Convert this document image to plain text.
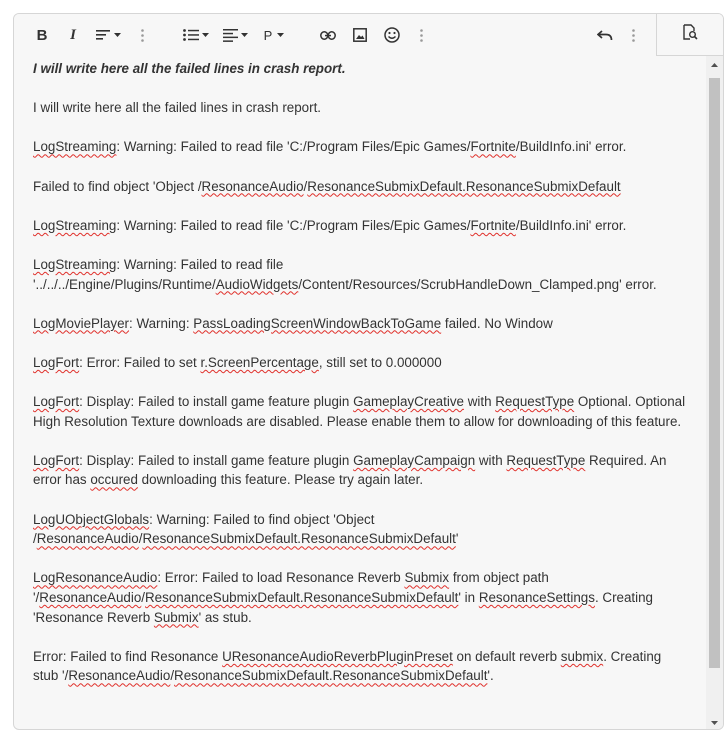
B I	P

I will write here all the failed lines in crash report.

I will write here all the failed lines in crash report.

LogStreaming: Warning: Failed to read file 'C:/Program Files/Epic Games/Fortnite/BuildInfo.ini' error.

Failed to find object 'Object /ResonanceAudio/ResonanceSubmixDefault.ResonanceSubmixDefault

LogStreaming: Warning: Failed to read file 'C:/Program Files/Epic Games/Fortnite/BuildInfo.ini' error.

LogStreaming: Warning: Failed to read file '../../../Engine/Plugins/Runtime/AudioWidgets/Content/Resources/ScrubHandleDown_Clamped.png' error.

LogMoviePlayer: Warning: PassLoadingScreenWindowBackToGame failed. No Window

LogFort: Error: Failed to set r.ScreenPercentage, still set to 0.000000

LogFort: Display: Failed to install game feature plugin GameplayCreative with RequestType Optional. Optional
High Resolution Texture downloads are disabled. Please enable them to allow for downloading of this feature.

LogFort: Display: Failed to install game feature plugin GameplayCampaign with RequestType Required. An error has occured downloading this feature. Please try again later.

LogUObjectGlobals: Warning: Failed to find object 'Object /ResonanceAudio/ResonanceSubmixDefault.ResonanceSubmixDefault'

LogResonanceAudio: Error: Failed to load Resonance Reverb Submix from object path '/ResonanceAudio/ResonanceSubmixDefault.ResonanceSubmixDefault' in ResonanceSettings. Creating 'Resonance Reverb Submix' as stub.

Error: Failed to find Resonance UResonanceAudioReverbPluginPreset on default reverb submix. Creating stub '/ResonanceAudio/ResonanceSubmixDefault.ResonanceSubmixDefault'.
